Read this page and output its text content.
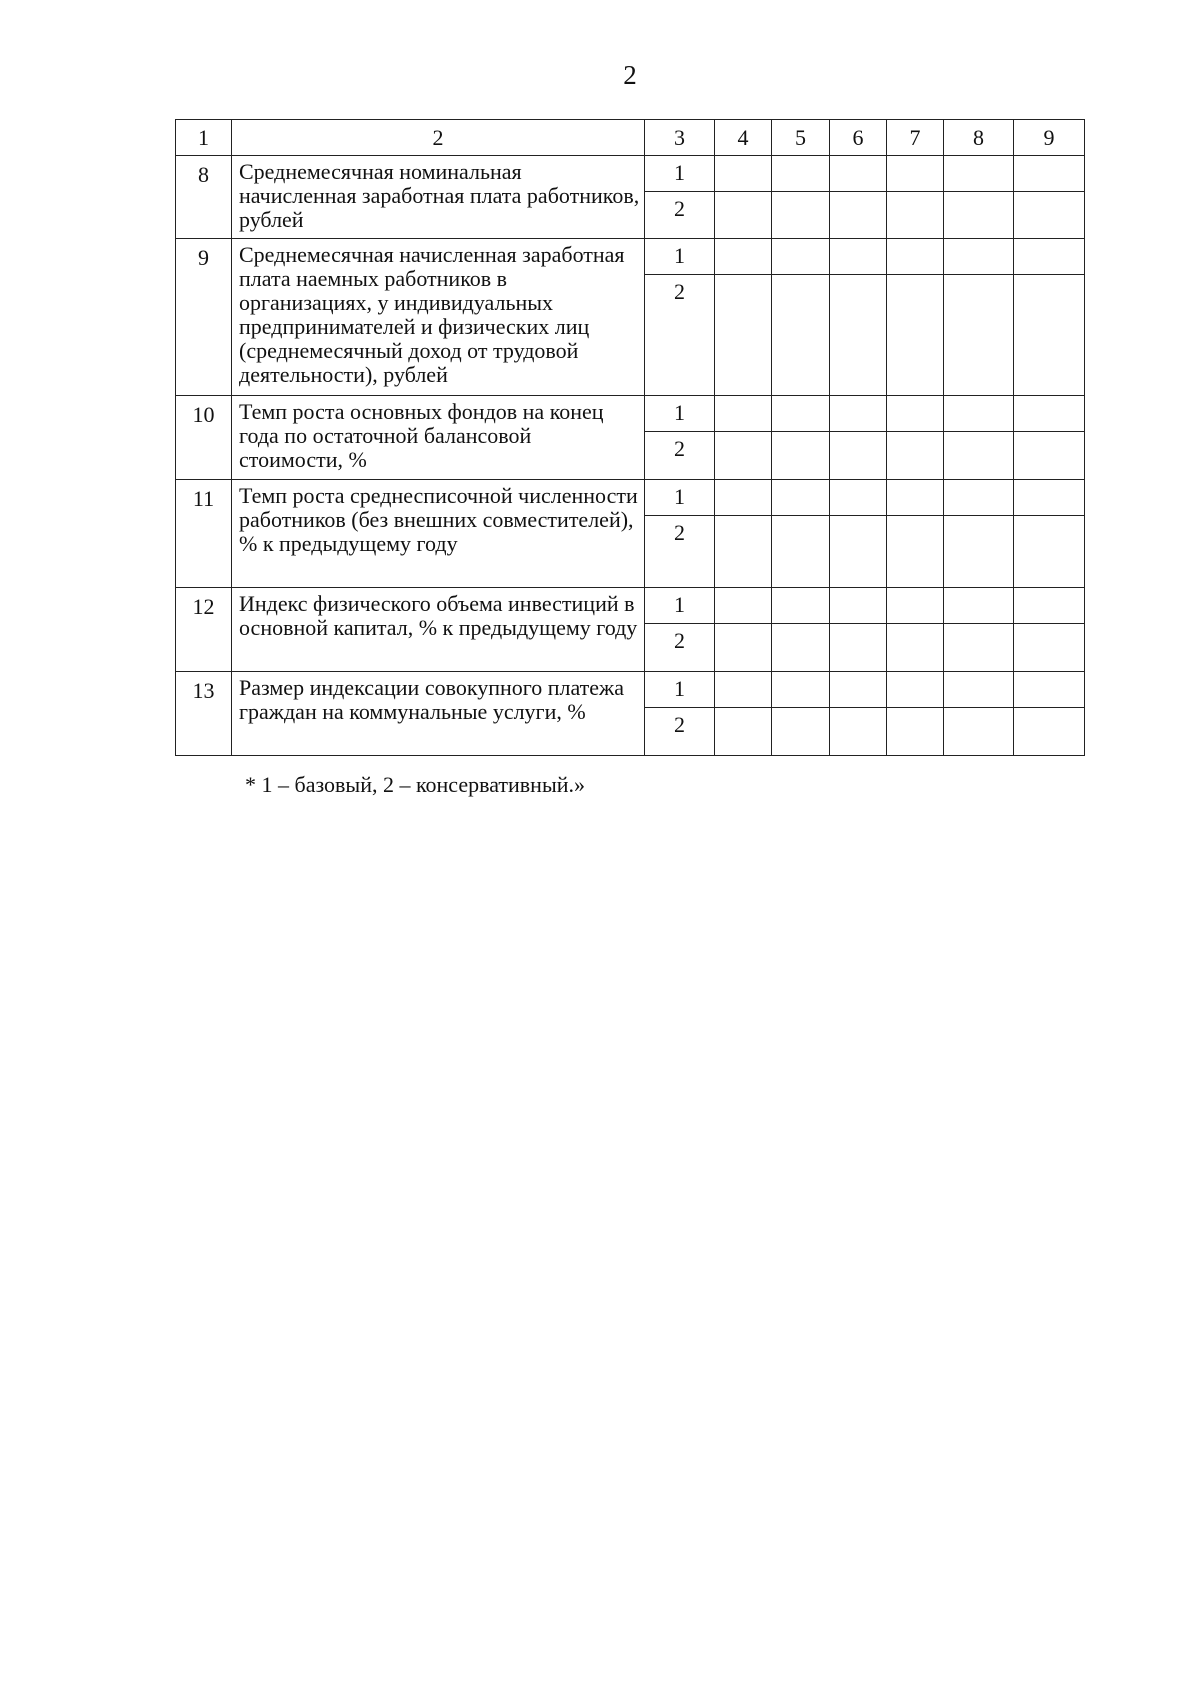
2
1	2	3	4	5	6	7	8	9
8	Среднемесячная номинальная начисленная заработная плата работников, рублей	1						
		2						
9	Среднемесячная начисленная заработная плата наемных работников в организациях, у индивидуальных предпринимателей и физических лиц (среднемесячный доход от трудовой деятельности), рублей	1						
		2						
10	Темп роста основных фондов на конец года по остаточной балансовой стоимости, %	1						
		2						
11	Темп роста среднесписочной численности работников (без внешних совместителей), % к предыдущему году	1						
		2						
12	Индекс физического объема инвестиций в основной капитал, % к предыдущему году	1						
		2						
13	Размер индексации совокупного платежа граждан на коммунальные услуги, %	1						
		2						
* 1 – базовый, 2 – консервативный.»
